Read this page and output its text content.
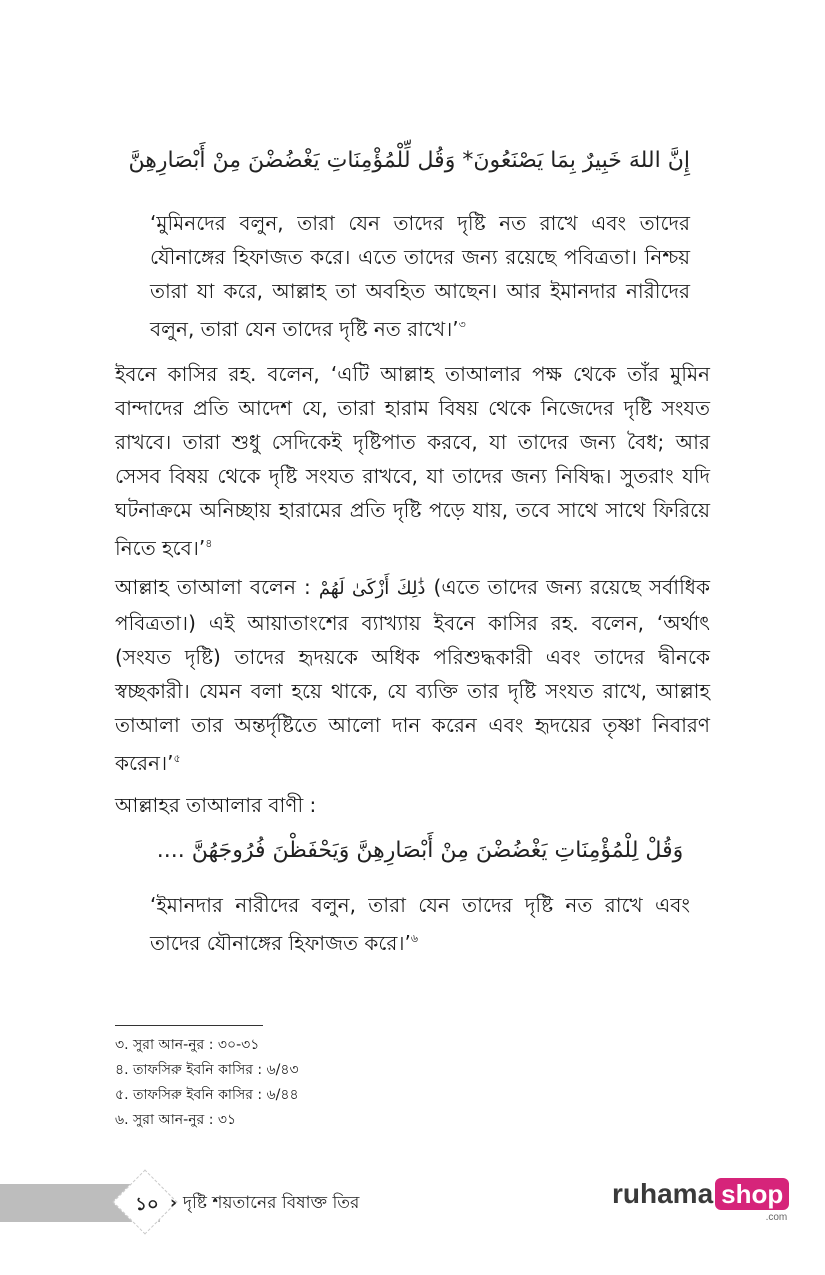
إِنَّ اللهَ خَبِيرٌ بِمَا يَصْنَعُونَ* وَقُل لِّلْمُؤْمِنَاتِ يَغْضُضْنَ مِنْ أَبْصَارِهِنَّ
‘মুমিনদের বলুন, তারা যেন তাদের দৃষ্টি নত রাখে এবং তাদের যৌনাঙ্গের হিফাজত করে। এতে তাদের জন্য রয়েছে পবিত্রতা। নিশ্চয় তারা যা করে, আল্লাহ তা অবহিত আছেন। আর ইমানদার নারীদের বলুন, তারা যেন তাদের দৃষ্টি নত রাখে।’$^৩$
ইবনে কাসির রহ. বলেন, ‘এটি আল্লাহ তাআলার পক্ষ থেকে তাঁর মুমিন বান্দাদের প্রতি আদেশ যে, তারা হারাম বিষয় থেকে নিজেদের দৃষ্টি সংযত রাখবে। তারা শুধু সেদিকেই দৃষ্টিপাত করবে, যা তাদের জন্য বৈধ; আর সেসব বিষয় থেকে দৃষ্টি সংযত রাখবে, যা তাদের জন্য নিষিদ্ধ। সুতরাং যদি ঘটনাক্রমে অনিচ্ছায় হারামের প্রতি দৃষ্টি পড়ে যায়, তবে সাথে সাথে ফিরিয়ে নিতে হবে।’$^৪$
আল্লাহ তাআলা বলেন : ذَٰلِكَ أَزْكَىٰ لَهُمْ (এতে তাদের জন্য রয়েছে সর্বাধিক পবিত্রতা।) এই আয়াতাংশের ব্যাখ্যায় ইবনে কাসির রহ. বলেন, ‘অর্থাৎ (সংযত দৃষ্টি) তাদের হৃদয়কে অধিক পরিশুদ্ধকারী এবং তাদের দ্বীনকে স্বচ্ছকারী। যেমন বলা হয়ে থাকে, যে ব্যক্তি তার দৃষ্টি সংযত রাখে, আল্লাহ তাআলা তার অন্তর্দৃষ্টিতে আলো দান করেন এবং হৃদয়ের তৃষ্ণা নিবারণ করেন।’$^৫$
আল্লাহর তাআলার বাণী :
وَقُلْ لِلْمُؤْمِنَاتِ يَغْضُضْنَ مِنْ أَبْصَارِهِنَّ وَيَحْفَظْنَ فُرُوجَهُنَّ ....
‘ইমানদার নারীদের বলুন, তারা যেন তাদের দৃষ্টি নত রাখে এবং তাদের যৌনাঙ্গের হিফাজত করে।’$^৬$
৩. সুরা আন-নুর : ৩০-৩১
৪. তাফসিরু ইবনি কাসির : ৬/৪৩
৫. তাফসিরু ইবনি কাসির : ৬/৪৪
৬. সুরা আন-নুর : ৩১
১০ › দৃষ্টি শয়তানের বিষাক্ত তির	ruhama shop
.com
